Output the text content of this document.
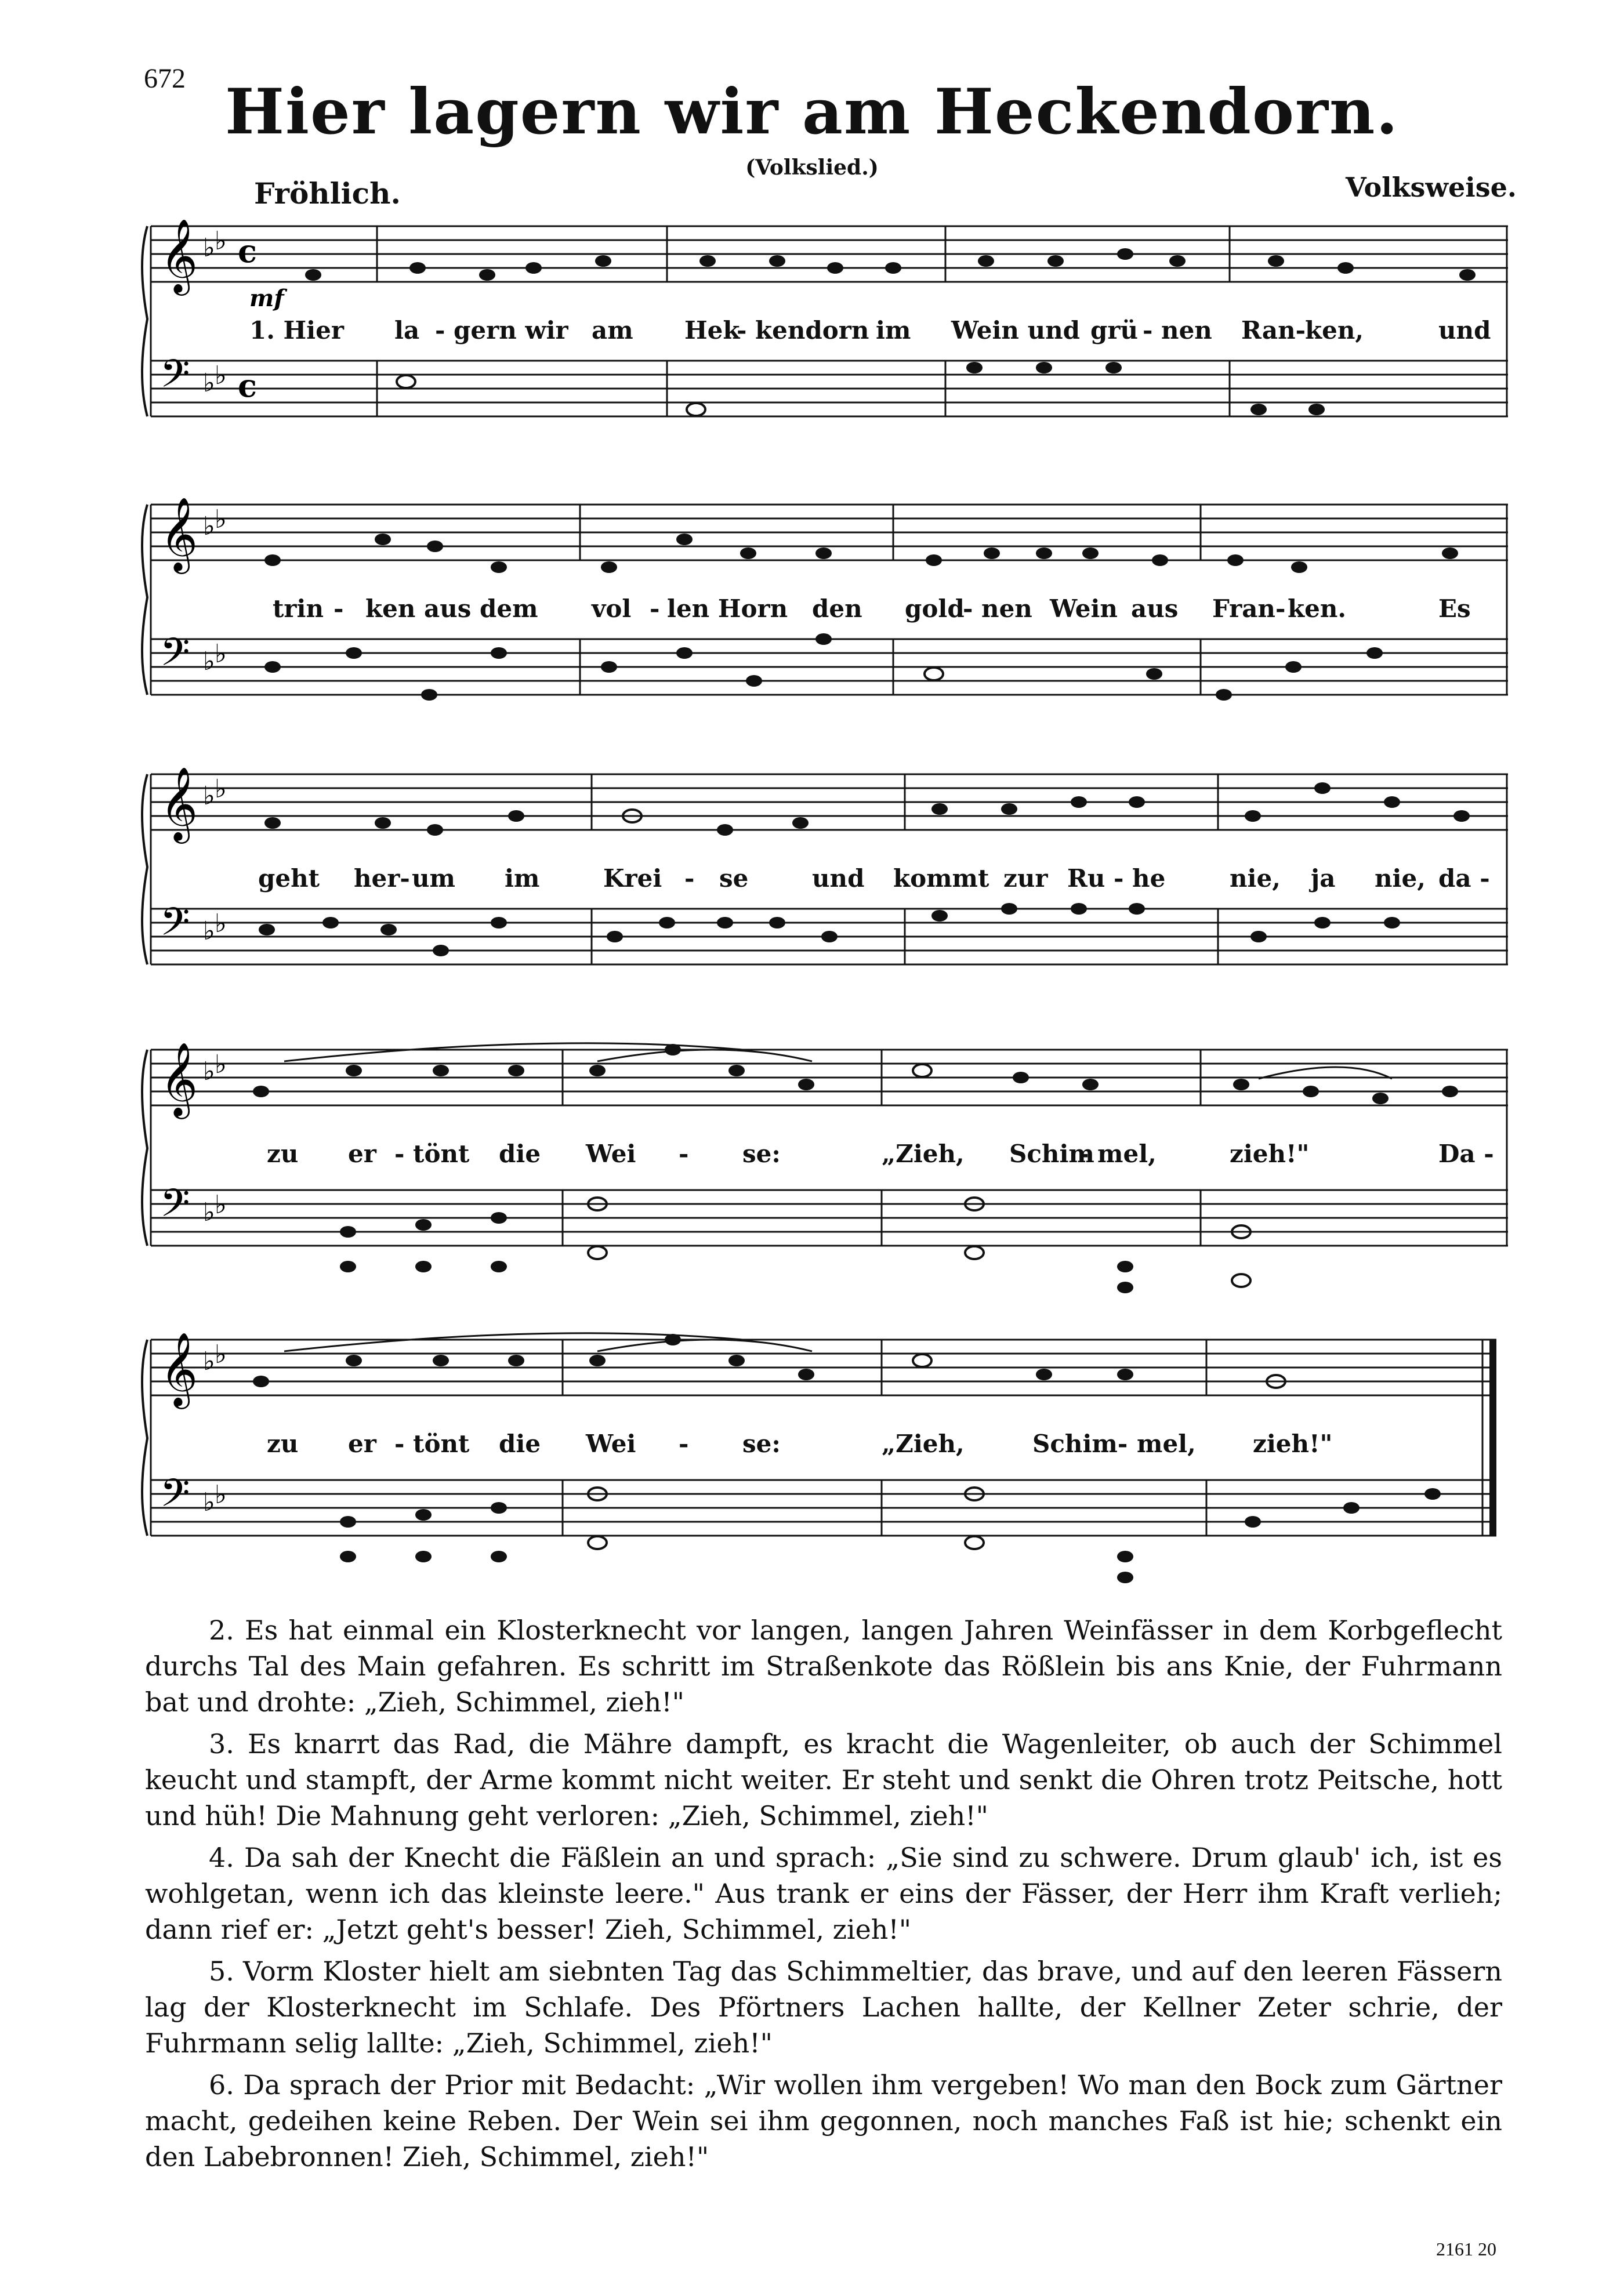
672 Hier lagern wir am Heckendorn.
(Volkslied.)
Fröhlich.	Volksweise.
𝄞
𝄢
♭ ♭
♭ ♭
c
c
mf
1. Hier la - gern wir am Hek
- kendorn im Wein und grü - nen Ran-
ken,	und
𝄞
𝄢
♭ ♭
♭ ♭
trin - ken aus dem vol - len Horn den gold
- nen Wein aus Fran- ken.	Es
𝄞
𝄢
♭ ♭
♭ ♭
geht her- um im	Krei - se	und kommt zur Ru - he	nie, ja nie, da -
𝄞
𝄢
♭ ♭
♭ ♭
zu er - tönt die Wei - se:	„Zieh, Schim
- mel,	zieh!"	Da -
𝄞
𝄢
♭ ♭
♭ ♭
zu er - tönt die Wei - se:	„Zieh,	Schim- mel, zieh!"

2. Es hat einmal ein Klosterknecht vor langen, langen Jahren Weinfässer in dem Korbgeflecht durchs Tal des Main gefahren. Es schritt im Straßenkote das Rößlein bis ans Knie, der Fuhrmann bat und drohte: „Zieh, Schimmel, zieh!"

3. Es knarrt das Rad, die Mähre dampft, es kracht die Wagenleiter, ob auch der Schimmel keucht und stampft, der Arme kommt nicht weiter. Er steht und senkt die Ohren trotz Peitsche, hott und hüh! Die Mahnung geht verloren: „Zieh, Schimmel, zieh!"

4. Da sah der Knecht die Fäßlein an und sprach: „Sie sind zu schwere. Drum glaub' ich, ist es wohlgetan, wenn ich das kleinste leere." Aus trank er eins der Fässer, der Herr ihm Kraft verlieh; dann rief er: „Jetzt geht's besser! Zieh, Schimmel, zieh!"

5. Vorm Kloster hielt am siebnten Tag das Schimmeltier, das brave, und auf den leeren Fässern lag der Klosterknecht im Schlafe. Des Pförtners Lachen hallte, der Kellner Zeter schrie, der Fuhrmann selig lallte: „Zieh, Schimmel, zieh!"

6. Da sprach der Prior mit Bedacht: „Wir wollen ihm vergeben! Wo man den Bock zum Gärtner macht, gedeihen keine Reben. Der Wein sei ihm gegonnen, noch manches Faß ist hie; schenkt ein den Labebronnen! Zieh, Schimmel, zieh!"

2161 20
